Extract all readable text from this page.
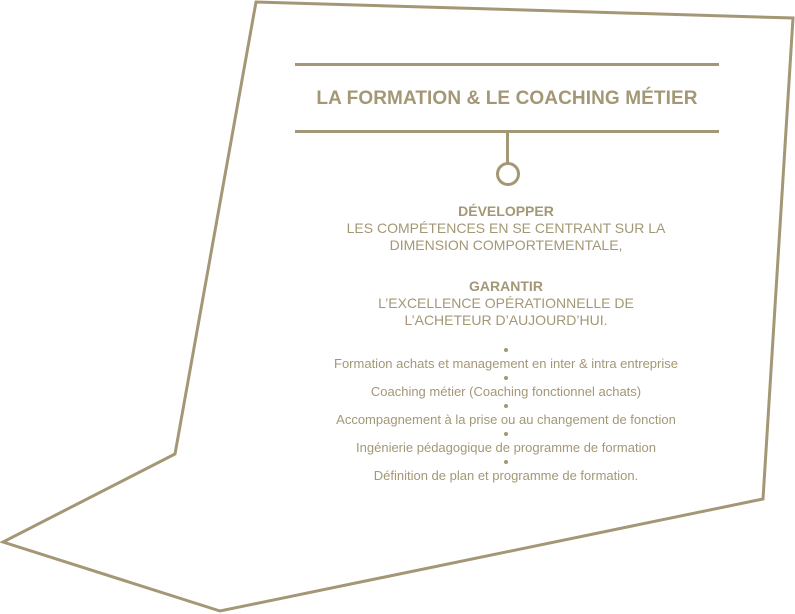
LA FORMATION & LE COACHING MÉTIER
DÉVELOPPER
LES COMPÉTENCES EN SE CENTRANT SUR LA
DIMENSION COMPORTEMENTALE,
GARANTIR
L’EXCELLENCE OPÉRATIONNELLE DE
L’ACHETEUR D’AUJOURD’HUI.
Formation achats et management en inter & intra entreprise
Coaching métier (Coaching fonctionnel achats)
Accompagnement à la prise ou au changement de fonction
Ingénierie pédagogique de programme de formation
Définition de plan et programme de formation.
